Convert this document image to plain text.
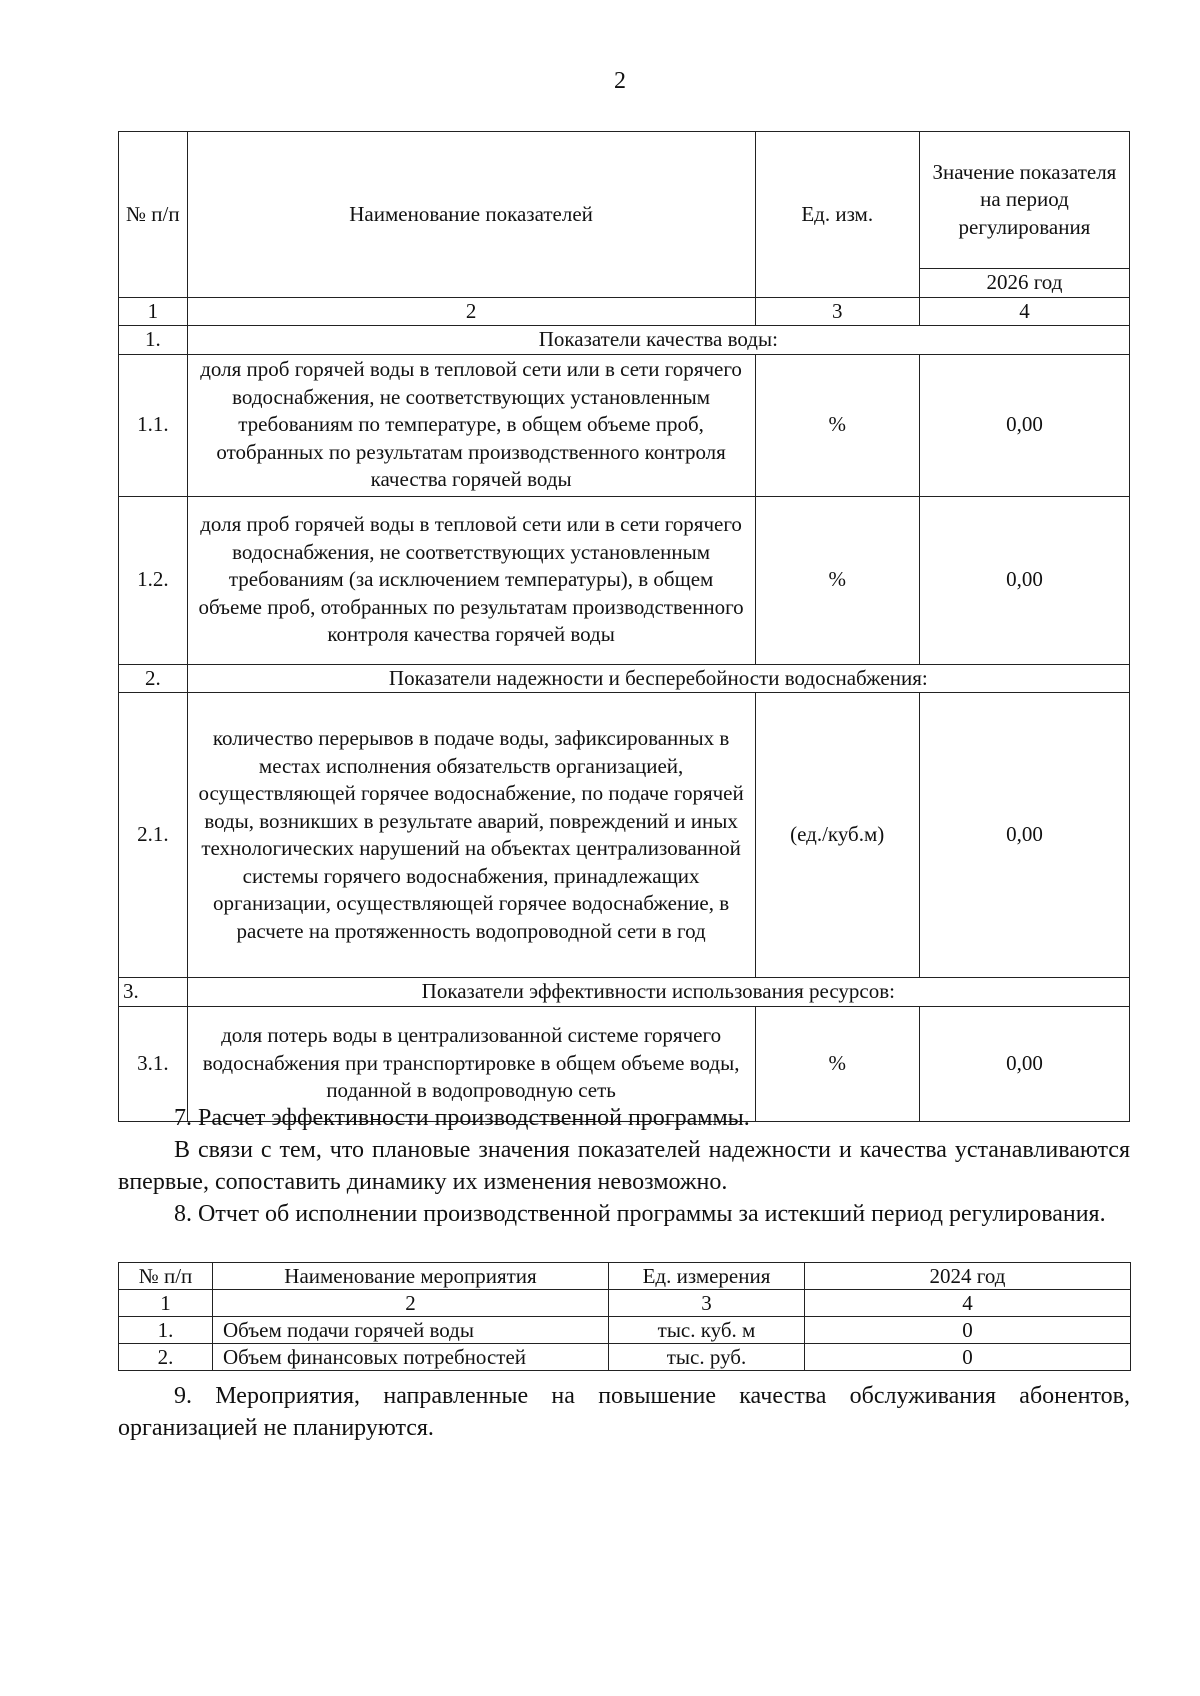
2
№ п/п	Наименование показателей	Ед. изм.	Значение показателя на период регулирования
			2026 год
1	2	3	4
1.	Показатели качества воды:		
1.1.	доля проб горячей воды в тепловой сети или в сети горячего водоснабжения, не соответствующих установленным требованиям по температуре, в общем объеме проб, отобранных по результатам производственного контроля качества горячей воды	%	0,00
1.2.	доля проб горячей воды в тепловой сети или в сети горячего водоснабжения, не соответствующих установленным требованиям (за исключением температуры), в общем объеме проб, отобранных по результатам производственного контроля качества горячей воды	%	0,00
2.	Показатели надежности и бесперебойности водоснабжения:		
2.1.	количество перерывов в подаче воды, зафиксированных в местах исполнения обязательств организацией, осуществляющей горячее водоснабжение, по подаче горячей воды, возникших в результате аварий, повреждений и иных технологических нарушений на объектах централизованной системы горячего водоснабжения, принадлежащих организации, осуществляющей горячее водоснабжение, в расчете на протяженность водопроводной сети в год	(ед./куб.м)	0,00
3.	Показатели эффективности использования ресурсов:		
3.1.	доля потерь воды в централизованной системе горячего водоснабжения при транспортировке в общем объеме воды, поданной в водопроводную сеть	%	0,00
7. Расчет эффективности производственной программы.
В связи с тем, что плановые значения показателей надежности и качества устанавливаются впервые, сопоставить динамику их изменения невозможно.
8. Отчет об исполнении производственной программы за истекший период регулирования.
№ п/п	Наименование мероприятия	Ед. измерения	2024 год
1	2	3	4
1.	Объем подачи горячей воды	тыс. куб. м	0
2.	Объем финансовых потребностей	тыс. руб.	0
9. Мероприятия, направленные на повышение качества обслуживания абонентов, организацией не планируются.
